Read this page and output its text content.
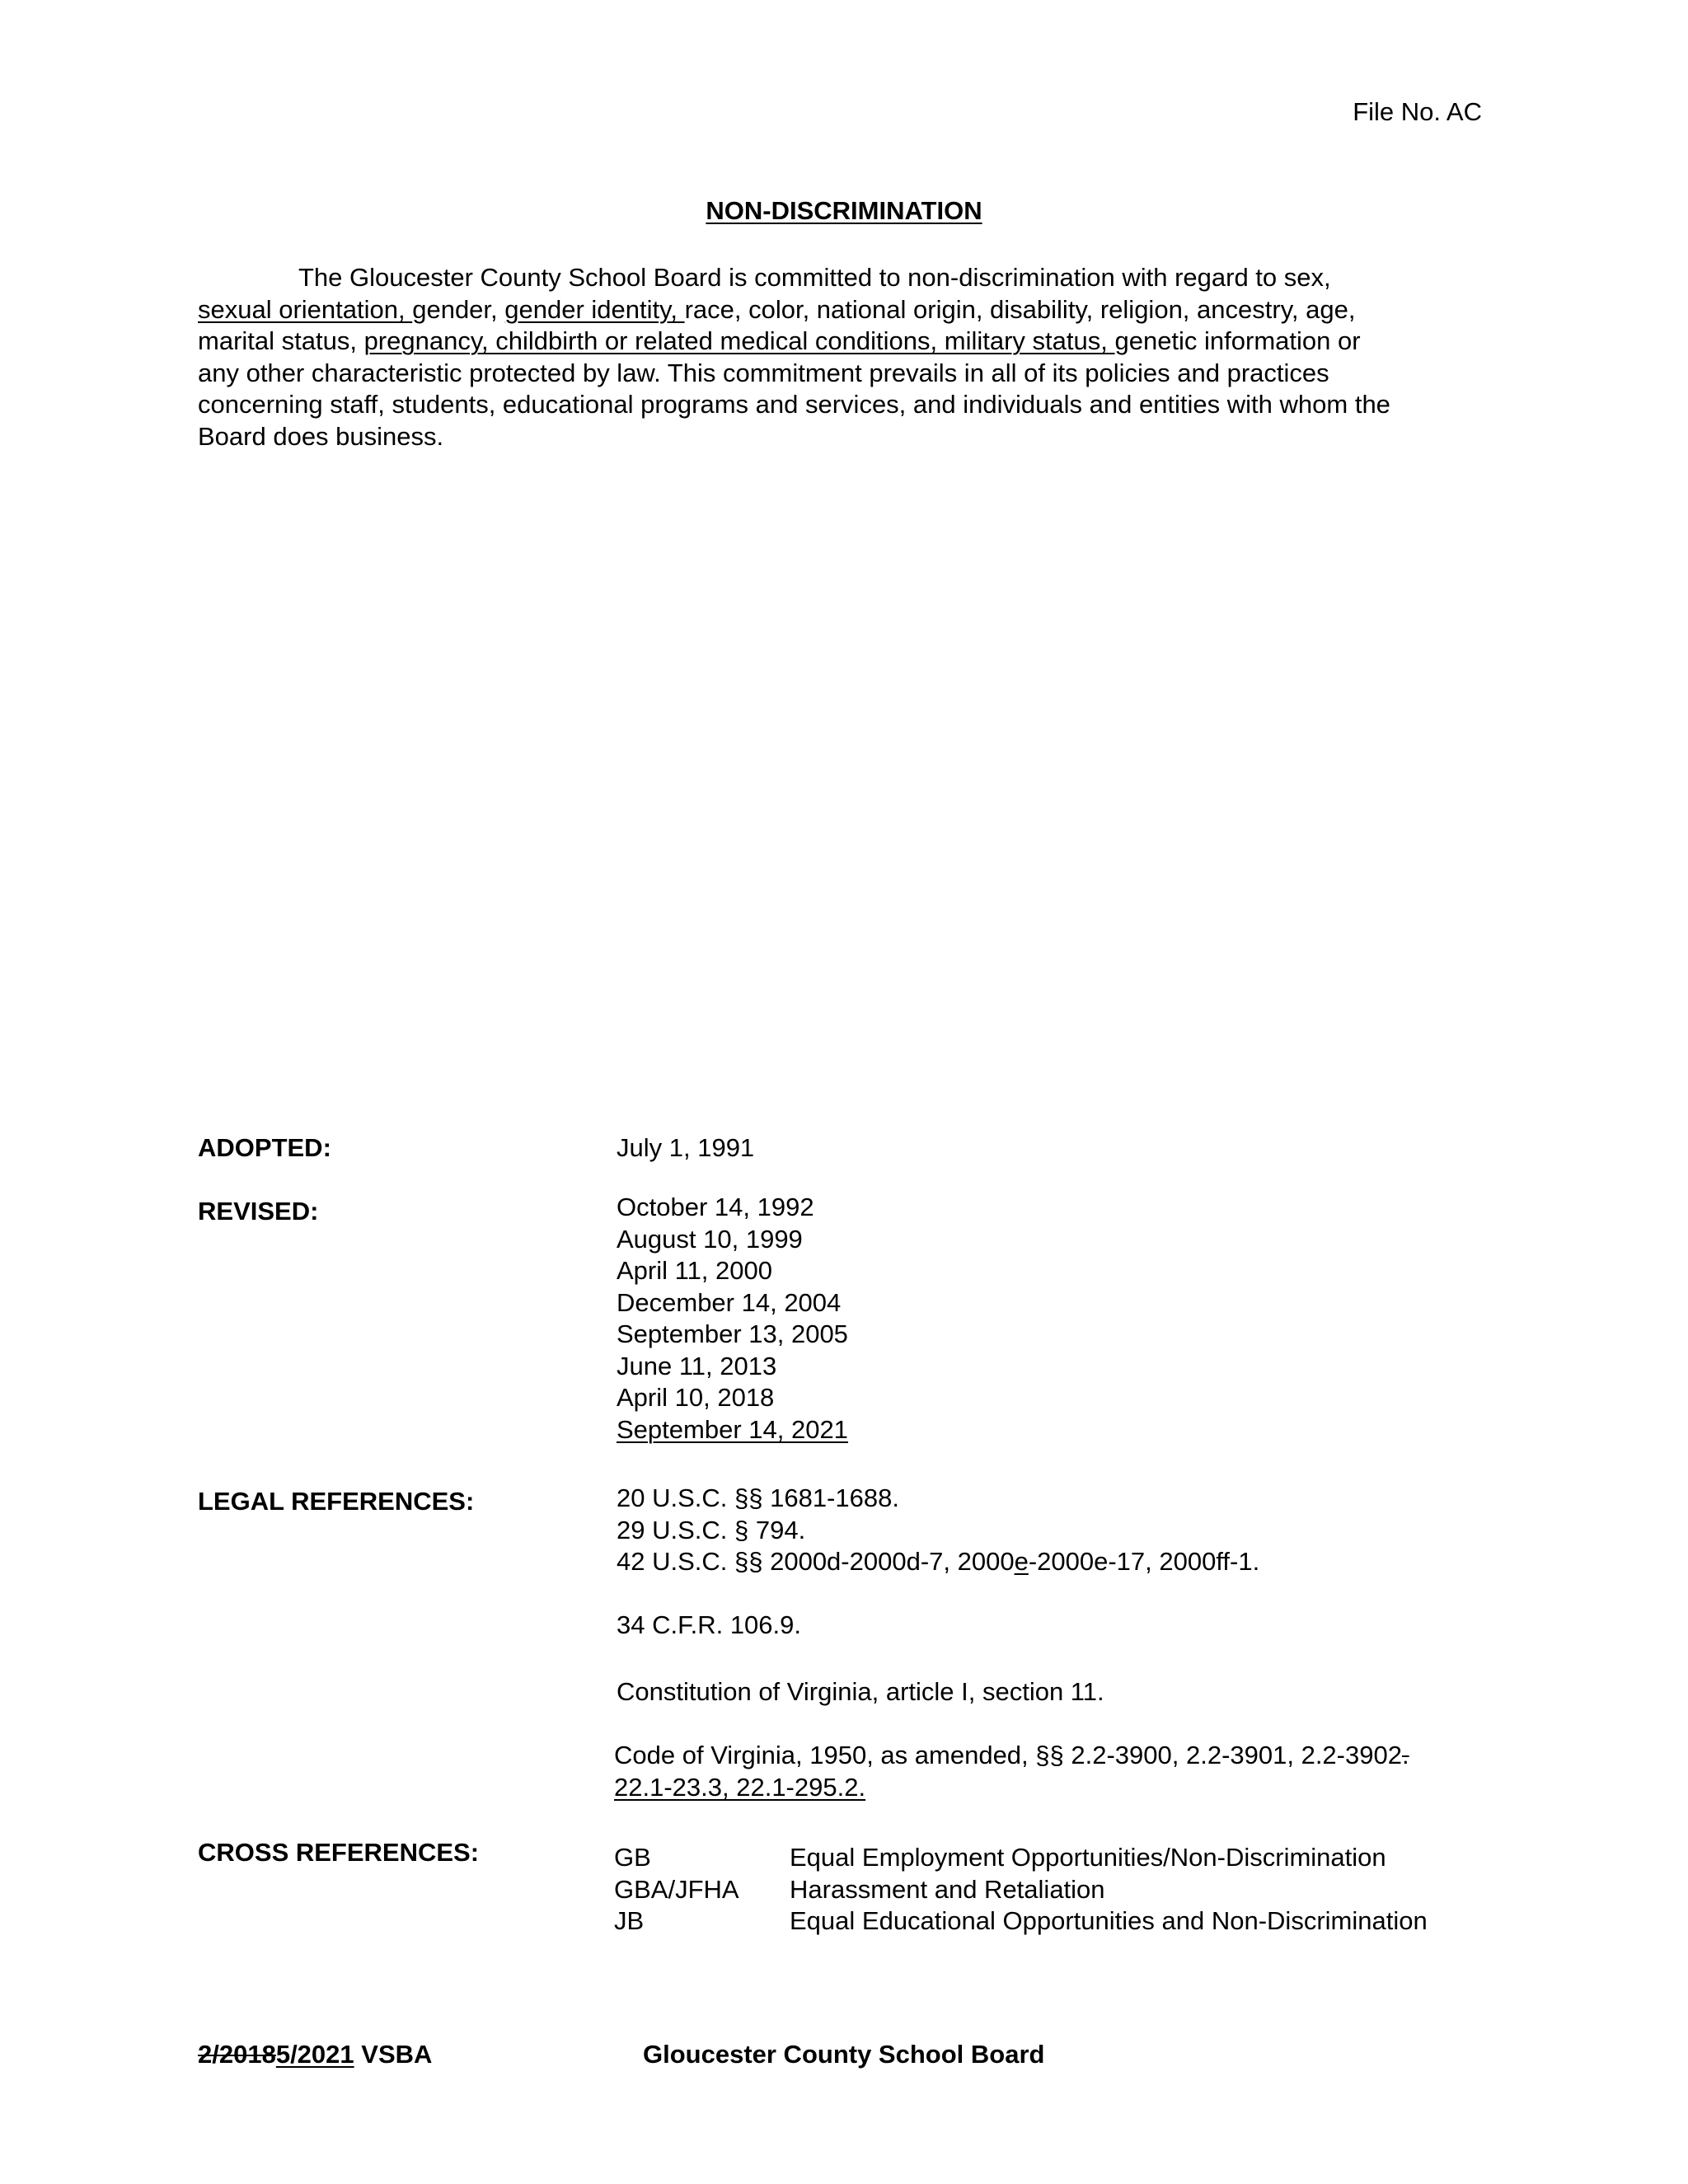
File No. AC
NON-DISCRIMINATION
The Gloucester County School Board is committed to non-discrimination with regard to sex,
sexual orientation, gender, gender identity, race, color, national origin, disability, religion, ancestry, age,
marital status, pregnancy, childbirth or related medical conditions, military status, genetic information or
any other characteristic protected by law. This commitment prevails in all of its policies and practices
concerning staff, students, educational programs and services, and individuals and entities with whom the
Board does business.
ADOPTED:	July 1, 1991
REVISED:	October 14, 1992
August 10, 1999
April 11, 2000
December 14, 2004
September 13, 2005
June 11, 2013
April 10, 2018
September 14, 2021
LEGAL REFERENCES:	20 U.S.C. §§ 1681-1688.
29 U.S.C. § 794.
42 U.S.C. §§ 2000d-2000d-7, 2000e-2000e-17, 2000ff-1.
34 C.F.R. 106.9.
Constitution of Virginia, article I, section 11.
Code of Virginia, 1950, as amended, §§ 2.2-3900, 2.2-3901, 2.2-3902.
22.1-23.3, 22.1-295.2.
CROSS REFERENCES:	GB	Equal Employment Opportunities/Non-Discrimination
GBA/JFHA	Harassment and Retaliation
JB	Equal Educational Opportunities and Non-Discrimination
2/20185/2021 VSBA	Gloucester County School Board
